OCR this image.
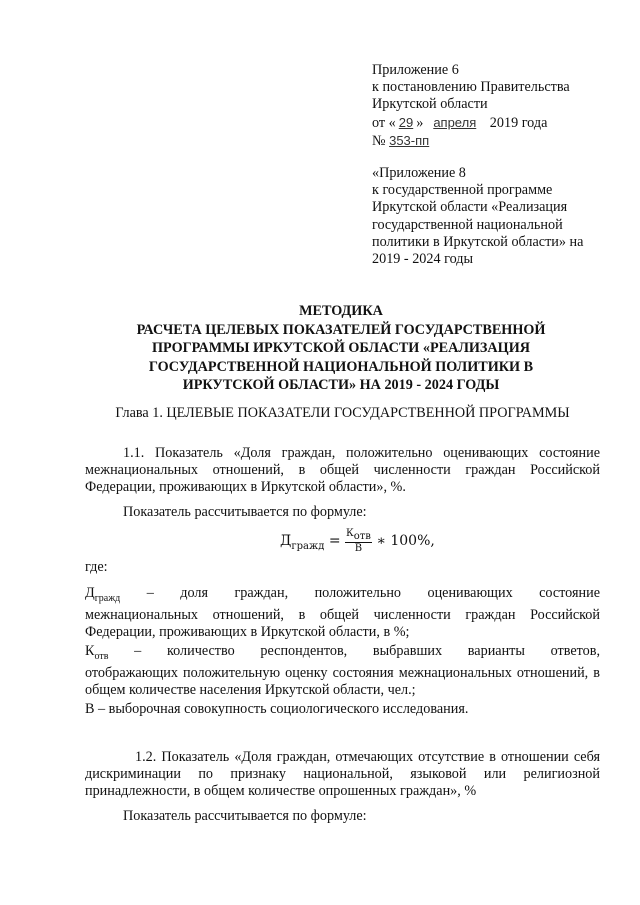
Приложение 6
к постановлению Правительства
Иркутской области
от « 29 » апреля 2019 года
№ 353-пп
«Приложение 8
к государственной программе
Иркутской области «Реализация
государственной национальной
политики в Иркутской области» на
2019 - 2024 годы
МЕТОДИКА
РАСЧЕТА ЦЕЛЕВЫХ ПОКАЗАТЕЛЕЙ ГОСУДАРСТВЕННОЙ
ПРОГРАММЫ ИРКУТСКОЙ ОБЛАСТИ «РЕАЛИЗАЦИЯ
ГОСУДАРСТВЕННОЙ НАЦИОНАЛЬНОЙ ПОЛИТИКИ В
ИРКУТСКОЙ ОБЛАСТИ» НА 2019 - 2024 ГОДЫ
Глава 1. ЦЕЛЕВЫЕ ПОКАЗАТЕЛИ ГОСУДАРСТВЕННОЙ ПРОГРАММЫ
1.1. Показатель «Доля граждан, положительно оценивающих состояние межнациональных отношений, в общей численности граждан Российской Федерации, проживающих в Иркутской области», %.
Показатель рассчитывается по формуле:
$Д_{гражд} = \frac{К_{отв}}{В}$ ∗ 100%,
где:
$Д_{гражд}$ – доля граждан, положительно оценивающих состояние
межнациональных отношений, в общей численности граждан Российской Федерации, проживающих в Иркутской области, в %;
$К_{отв}$ – количество респондентов, выбравших варианты ответов,
отображающих положительную оценку состояния межнациональных отношений, в общем количестве населения Иркутской области, чел.;
В – выборочная совокупность социологического исследования.
1.2. Показатель «Доля граждан, отмечающих отсутствие в отношении себя дискриминации по признаку национальной, языковой или религиозной принадлежности, в общем количестве опрошенных граждан», %
Показатель рассчитывается по формуле:
